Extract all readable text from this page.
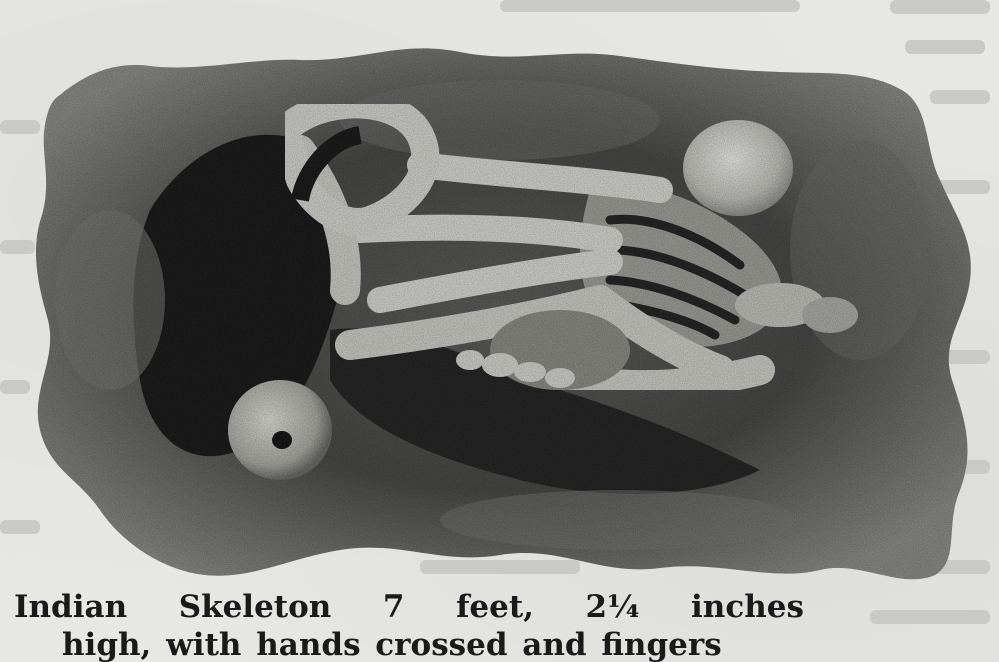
Indian Skeleton 7 feet, 2¼ inches
high, with hands crossed and fingers
